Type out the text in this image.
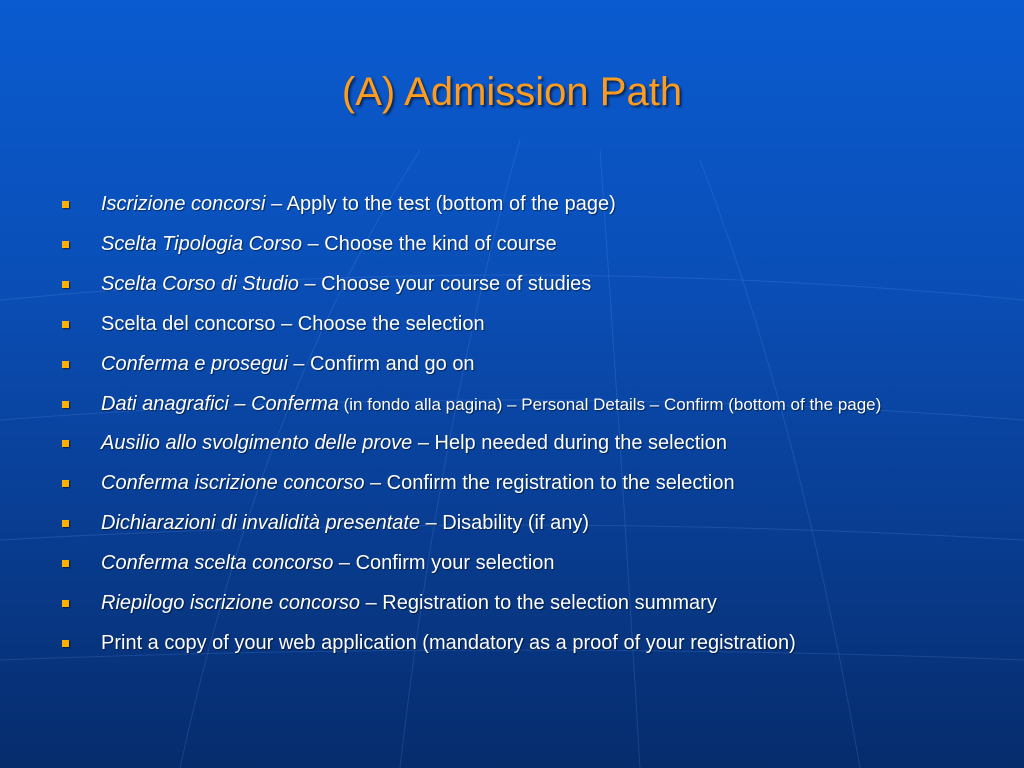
(A) Admission Path
Iscrizione concorsi – Apply to the test (bottom of the page)
Scelta Tipologia Corso – Choose the kind of course
Scelta Corso di Studio – Choose your course of studies
Scelta del concorso – Choose the selection
Conferma e prosegui – Confirm and go on
Dati anagrafici – Conferma (in fondo alla pagina) – Personal Details – Confirm (bottom of the page)
Ausilio allo svolgimento delle prove – Help needed during the selection
Conferma iscrizione concorso – Confirm the registration to the selection
Dichiarazioni di invalidità presentate – Disability (if any)
Conferma scelta concorso – Confirm your selection
Riepilogo iscrizione concorso – Registration to the selection summary
Print a copy of your web application (mandatory as a proof of your registration)
